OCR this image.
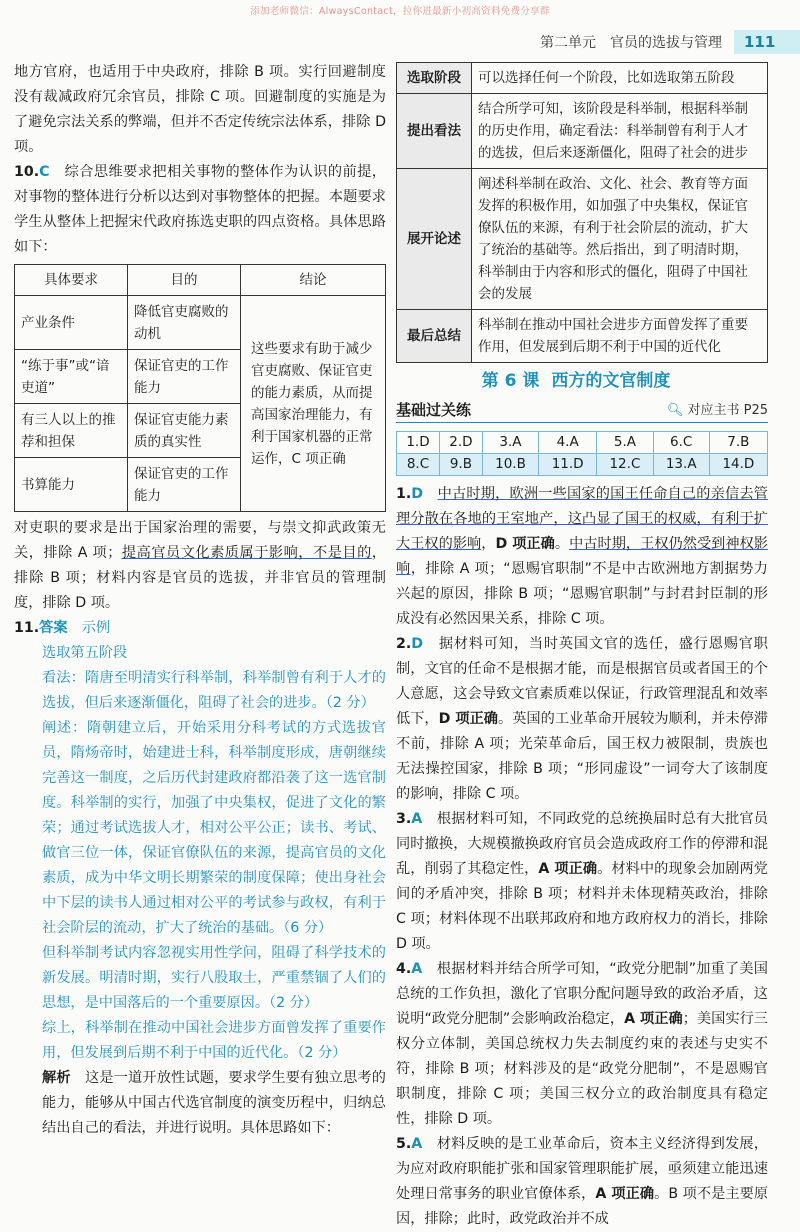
添加老师微信：AlwaysContact，拉你进最新小初高资料免费分享群
第二单元　官员的选拔与管理	111

地方官府，也适用于中央政府，排除 B 项。实行回避制度没有裁减政府冗余官员，排除 C 项。回避制度的实施是为了避免宗法关系的弊端，但并不否定传统宗法体系，排除 D 项。

10.C　 综合思维要求把相关事物的整体作为认识的前提，对事物的整体进行分析以达到对事物整体的把握。本题要求学生从整体上把握宋代政府拣选吏职的四点资格。具体思路如下：

具体要求	目的	结论
产业条件	降低官吏腐败的动机	这些要求有助于减少官吏腐败、保证官吏的能力素质，从而提高国家治理能力，有利于国家机器的正常运作，C 项正确
“练于事”或“谙吏道”	保证官吏的工作能力	
有三人以上的推荐和担保	保证官吏能力素质的真实性	
书算能力	保证官吏的工作能力	

对吏职的要求是出于国家治理的需要，与崇文抑武政策无关，排除 A 项；提高官员文化素质属于影响，不是目的，排除 B 项；材料内容是官员的选拔，并非官员的管理制度，排除 D 项。

11.答案　 示例

选取第五阶段

看法：隋唐至明清实行科举制，科举制曾有利于人才的选拔，但后来逐渐僵化，阻碍了社会的进步。（2 分）

阐述：隋朝建立后，开始采用分科考试的方式选拔官员，隋炀帝时，始建进士科，科举制度形成，唐朝继续完善这一制度，之后历代封建政府都沿袭了这一选官制度。科举制的实行，加强了中央集权，促进了文化的繁荣；通过考试选拔人才，相对公平公正；读书、考试、做官三位一体，保证官僚队伍的来源，提高官员的文化素质，成为中华文明长期繁荣的制度保障；使出身社会中下层的读书人通过相对公平的考试参与政权，有利于社会阶层的流动，扩大了统治的基础。（6 分）

但科举制考试内容忽视实用性学问，阻碍了科学技术的新发展。明清时期，实行八股取士，严重禁锢了人们的思想，是中国落后的一个重要原因。（2 分）

综上，科举制在推动中国社会进步方面曾发挥了重要作用，但发展到后期不利于中国的近代化。（2 分）

解析　 这是一道开放性试题，要求学生要有独立思考的能力，能够从中国古代选官制度的演变历程中，归纳总结出自己的看法，并进行说明。具体思路如下：

选取阶段	可以选择任何一个阶段，比如选取第五阶段
提出看法	结合所学可知，该阶段是科举制，根据科举制的历史作用，确定看法：科举制曾有利于人才的选拔，但后来逐渐僵化，阻碍了社会的进步
展开论述	阐述科举制在政治、文化、社会、教育等方面发挥的积极作用，如加强了中央集权，保证官僚队伍的来源，有利于社会阶层的流动，扩大了统治的基础等。然后指出，到了明清时期，科举制由于内容和形式的僵化，阻碍了中国社会的发展
最后总结	科举制在推动中国社会进步方面曾发挥了重要作用，但发展到后期不利于中国的近代化
第 6 课 西方的文官制度
基础过关练	🔍︎ 对应主书 P25
1.D	2.D	3.A	4.A	5.A	6.C	7.B
8.C	9.B	10.B	11.D	12.C	13.A	14.D

1.D　 中古时期，欧洲一些国家的国王任命自己的亲信去管理分散在各地的王室地产，这凸显了国王的权威，有利于扩大王权的影响，D 项正确。中古时期，王权仍然受到神权影响，排除 A 项；“恩赐官职制”不是中古欧洲地方割据势力兴起的原因，排除 B 项；“恩赐官职制”与封君封臣制的形成没有必然因果关系，排除 C 项。

2.D　 据材料可知，当时英国文官的选任，盛行恩赐官职制，文官的任命不是根据才能，而是根据官员或者国王的个人意愿，这会导致文官素质难以保证，行政管理混乱和效率低下，D 项正确。英国的工业革命开展较为顺利，并未停滞不前，排除 A 项；光荣革命后，国王权力被限制，贵族也无法操控国家，排除 B 项；“形同虚设”一词夸大了该制度的影响，排除 C 项。

3.A　 根据材料可知，不同政党的总统换届时总有大批官员同时撤换，大规模撤换政府官员会造成政府工作的停滞和混乱，削弱了其稳定性，A 项正确。材料中的现象会加剧两党间的矛盾冲突，排除 B 项；材料并未体现精英政治，排除 C 项；材料体现不出联邦政府和地方政府权力的消长，排除 D 项。

4.A　 根据材料并结合所学可知，“政党分肥制”加重了美国总统的工作负担，激化了官职分配问题导致的政治矛盾，这说明“政党分肥制”会影响政治稳定，A 项正确；美国实行三权分立体制，美国总统权力失去制度约束的表述与史实不符，排除 B 项；材料涉及的是“政党分肥制”，不是恩赐官职制度，排除 C 项；美国三权分立的政治制度具有稳定性，排除 D 项。

5.A　 材料反映的是工业革命后，资本主义经济得到发展，为应对政府职能扩张和国家管理职能扩展，亟须建立能迅速处理日常事务的职业官僚体系，A 项正确。B 项不是主要原因，排除；此时，政党政治并不成
